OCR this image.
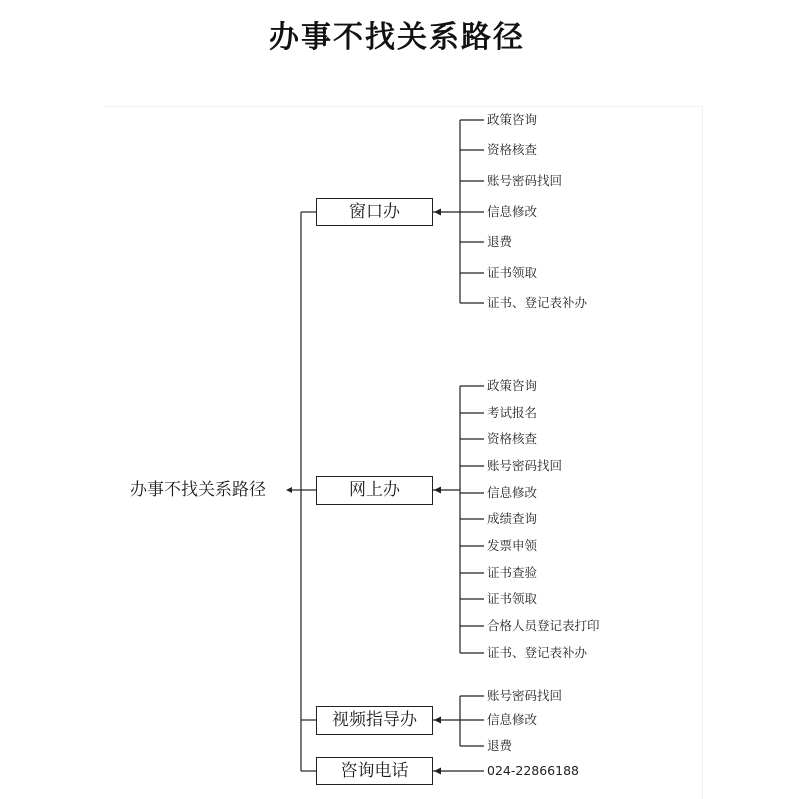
办事不找关系路径
办事不找关系路径
窗口办
网上办
视频指导办
咨询电话
政策咨询
资格核查
账号密码找回
信息修改
退费
证书领取
证书、登记表补办
政策咨询
考试报名
资格核查
账号密码找回
信息修改
成绩查询
发票申领
证书查验
证书领取
合格人员登记表打印
证书、登记表补办
账号密码找回
信息修改
退费
024-22866188
